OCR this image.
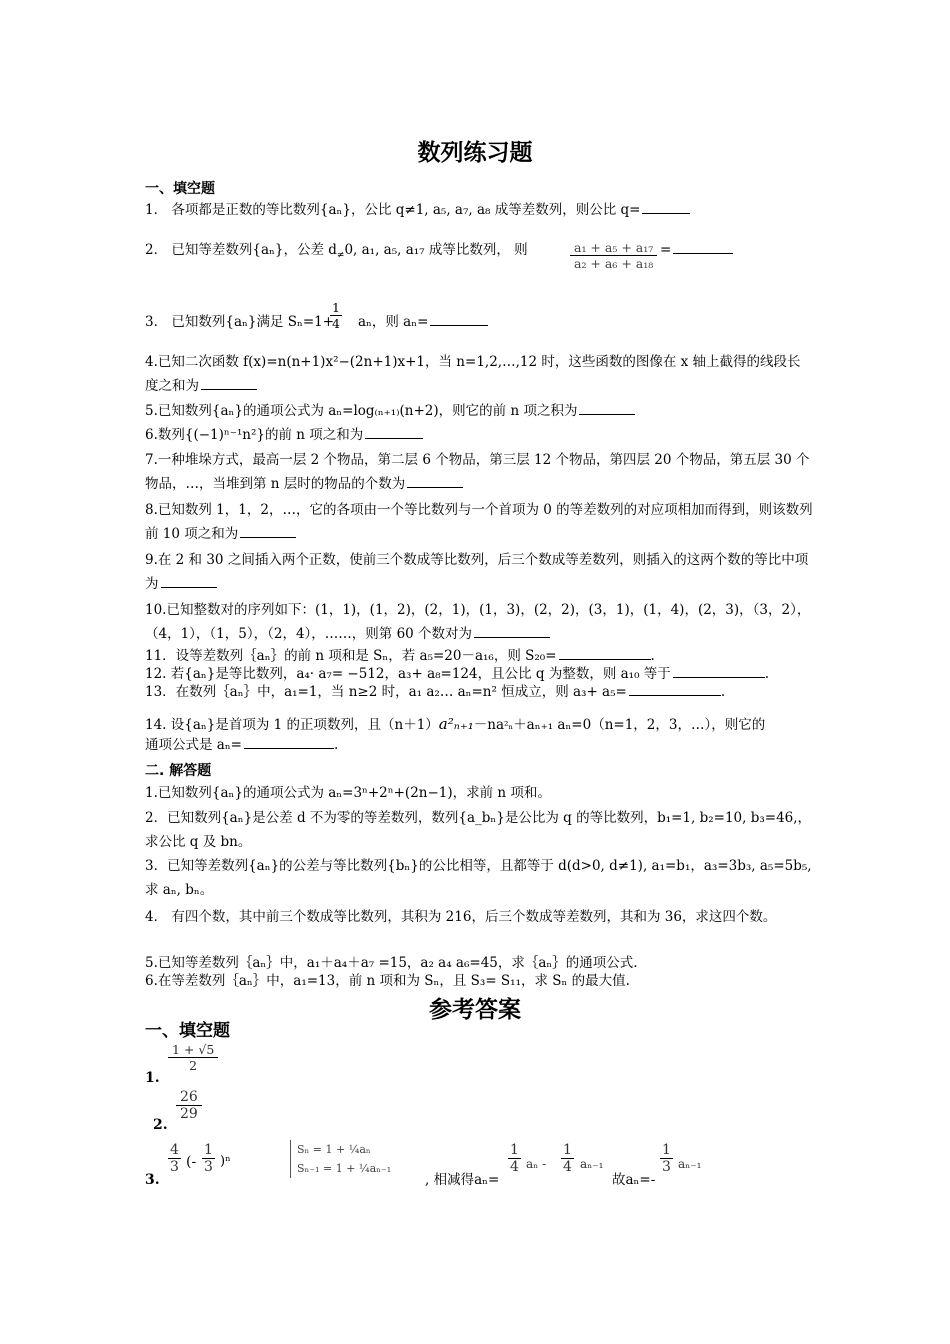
数列练习题
一、填空题
1． 各项都是正数的等比数列{aₙ}，公比 q≠1, a₅, a₇, a₈ 成等差数列，则公比 q=
2． 已知等差数列{aₙ}，公差 $d_\ne 0$, a₁, a₅, a₁₇ 成等比数列， 则	$\frac{\text{a₁ + a₅ + a₁₇}}{\text{a₂ + a₆ + a₁₈}}$ =
3． 已知数列{aₙ}满足 Sₙ=1+
$\frac{1}{4}$ aₙ，则 aₙ=
4.已知二次函数 f(x)=n(n+1)x²−(2n+1)x+1，当 n=1,2,…,12 时，这些函数的图像在 x 轴上截得的线段长度之和为
5.已知数列{aₙ}的通项公式为 aₙ=log₍ₙ₊₁₎(n+2)，则它的前 n 项之积为
6.数列{(−1)ⁿ⁻¹n²}的前 n 项之和为
7.一种堆垛方式，最高一层 2 个物品，第二层 6 个物品，第三层 12 个物品，第四层 20 个物品，第五层 30 个物品，…，当堆到第 n 层时的物品的个数为
8.已知数列 1，1，2，…，它的各项由一个等比数列与一个首项为 0 的等差数列的对应项相加而得到，则该数列前 10 项之和为
9.在 2 和 30 之间插入两个正数，使前三个数成等比数列，后三个数成等差数列，则插入的这两个数的等比中项为
10.已知整数对的序列如下：(1，1)，(1，2)，(2，1)，(1，3)，(2，2)，(3，1)，(1，4)，(2，3)，（3，2），（4，1），（1，5），（2，4），……，则第 60 个数对为
11．设等差数列｛aₙ｝的前 n 项和是 Sₙ，若 a₅=20－a₁₆，则 S₂₀=	.
12. 若{aₙ}是等比数列，a₄· a₇= −512，a₃+ a₈=124，且公比 q 为整数，则 a₁₀ 等于	.
13．在数列｛aₙ｝中，a₁=1，当 n≥2 时，a₁ a₂… aₙ=n² 恒成立，则 a₃+ a₅=	.
14. 设{aₙ}是首项为 1 的正项数列，且（n＋1）a²ₙ₊₁－na²ₙ＋aₙ₊₁ aₙ=0（n=1，2，3，…），则它的
通项公式是 aₙ=	.
二. 解答题
1.已知数列{aₙ}的通项公式为 aₙ=3ⁿ+2ⁿ+(2n−1)，求前 n 项和。
2．已知数列{aₙ}是公差 d 不为零的等差数列，数列{a_bₙ}是公比为 q 的等比数列，b₁=1, b₂=10, b₃=46,，求公比 q 及 bn。
3．已知等差数列{aₙ}的公差与等比数列{bₙ}的公比相等，且都等于 d(d>0, d≠1), a₁=b₁，a₃=3b₃, a₅=5b₅, 求 aₙ, bₙ。
4． 有四个数，其中前三个数成等比数列，其积为 216，后三个数成等差数列，其和为 36，求这四个数。
5.已知等差数列｛aₙ｝中，a₁＋a₄＋a₇ =15，a₂ a₄ a₆=45，求｛aₙ｝的通项公式.
6.在等差数列｛aₙ｝中，a₁=13，前 n 项和为 Sₙ，且 S₃= S₁₁，求 Sₙ 的最大值.
参考答案
一、填空题
$\frac{1 + √5}{2}$
1.
$\frac{26}{29}$
2.
3.
$\frac{4}{3}$ (- $\frac{1}{3} )^n$
Sₙ = 1 + ¼aₙ
Sₙ₋₁ = 1 + ¼aₙ₋₁
, 相减得aₙ=
$\frac{1}{4}$ aₙ -	$\frac{1}{4} a_{n-1}$
故aₙ=-
$\frac{1}{3} a_{n-1}$
